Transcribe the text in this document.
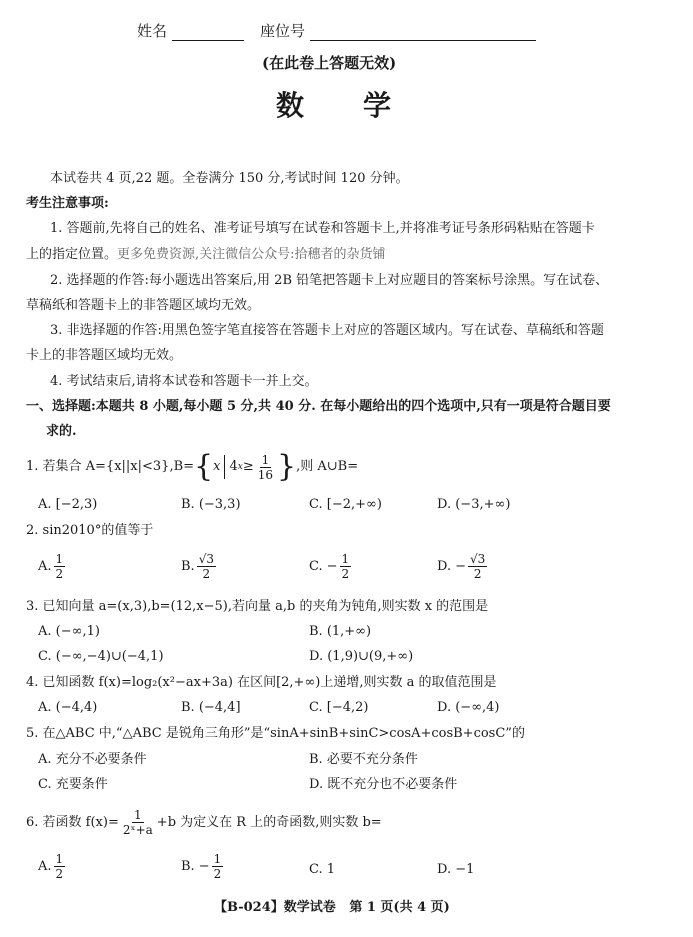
姓名	座位号
(在此卷上答题无效)
数    学
本试卷共 4 页,22 题。全卷满分 150 分,考试时间 120 分钟。
考生注意事项:
1. 答题前,先将自己的姓名、准考证号填写在试卷和答题卡上,并将准考证号条形码粘贴在答题卡
上的指定位置。更多免费资源,关注微信公众号:拾穗者的杂货铺
2. 选择题的作答:每小题选出答案后,用 2B 铅笔把答题卡上对应题目的答案标号涂黑。写在试卷、
草稿纸和答题卡上的非答题区域均无效。
3. 非选择题的作答:用黑色签字笔直接答在答题卡上对应的答题区域内。写在试卷、草稿纸和答题
卡上的非答题区域均无效。
4. 考试结束后,请将本试卷和答题卡一并上交。
一、选择题:本题共 8 小题,每小题 5 分,共 40 分. 在每小题给出的四个选项中,只有一项是符合题目要
求的.
1. 若集合 A={x||x|<3},B= { x 4 $x \ge \frac{1}{16}$ } ,则 A∪B=
A. [−2,3)	B. (−3,3)	C. [−2,+∞)	D. (−3,+∞)
2. sin2010°的值等于
A. $\frac{1}{2}$	B. $\frac{√3}{2}$	C. − $\frac{1}{2}$	D. − $\frac{√3}{2}$
3. 已知向量 a=(x,3),b=(12,x−5),若向量 a,b 的夹角为钝角,则实数 x 的范围是
A. (−∞,1)	B. (1,+∞)
C. (−∞,−4)∪(−4,1)	D. (1,9)∪(9,+∞)
4. 已知函数 f(x)=log₂(x²−ax+3a) 在区间[2,+∞)上递增,则实数 a 的取值范围是
A. (−4,4)	B. (−4,4]	C. [−4,2)	D. (−∞,4)
5. 在△ABC 中,“△ABC 是锐角三角形”是“sinA+sinB+sinC>cosA+cosB+cosC”的
A. 充分不必要条件	B. 必要不充分条件
C. 充要条件	D. 既不充分也不必要条件
6. 若函数 $f(x)= \frac{1}{\text{2ˣ+a}} +b$ 为定义在 R 上的奇函数,则实数 b=
A. $\frac{1}{2}$	B. − $\frac{1}{2}$	C. 1	D. −1
【B-024】数学试卷   第 1 页(共 4 页)
